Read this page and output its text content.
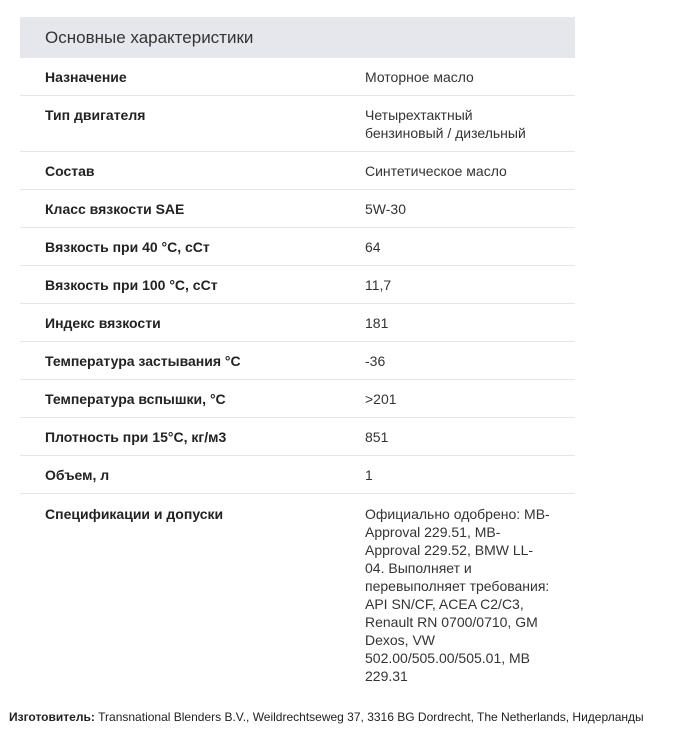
Основные характеристики
Назначение	Моторное масло
Тип двигателя	Четырехтактный бензиновый / дизельный
Состав	Синтетическое масло
Класс вязкости SAE	5W-30
Вязкость при 40 °С, сСт	64
Вязкость при 100 °С, сСт	11,7
Индекс вязкости	181
Температура застывания °С	-36
Температура вспышки, °С	>201
Плотность при 15°С, кг/м3	851
Объем, л	1
Спецификации и допуски	Официально одобрено: MB-Approval 229.51, MB-Approval 229.52, BMW LL-04. Выполняет и перевыполняет требования: API SN/CF, ACEA C2/C3, Renault RN 0700/0710, GM Dexos, VW 502.00/505.00/505.01, MB 229.31
Изготовитель: Transnational Blenders B.V., Weildrechtseweg 37, 3316 BG Dordrecht, The Netherlands, Нидерланды
